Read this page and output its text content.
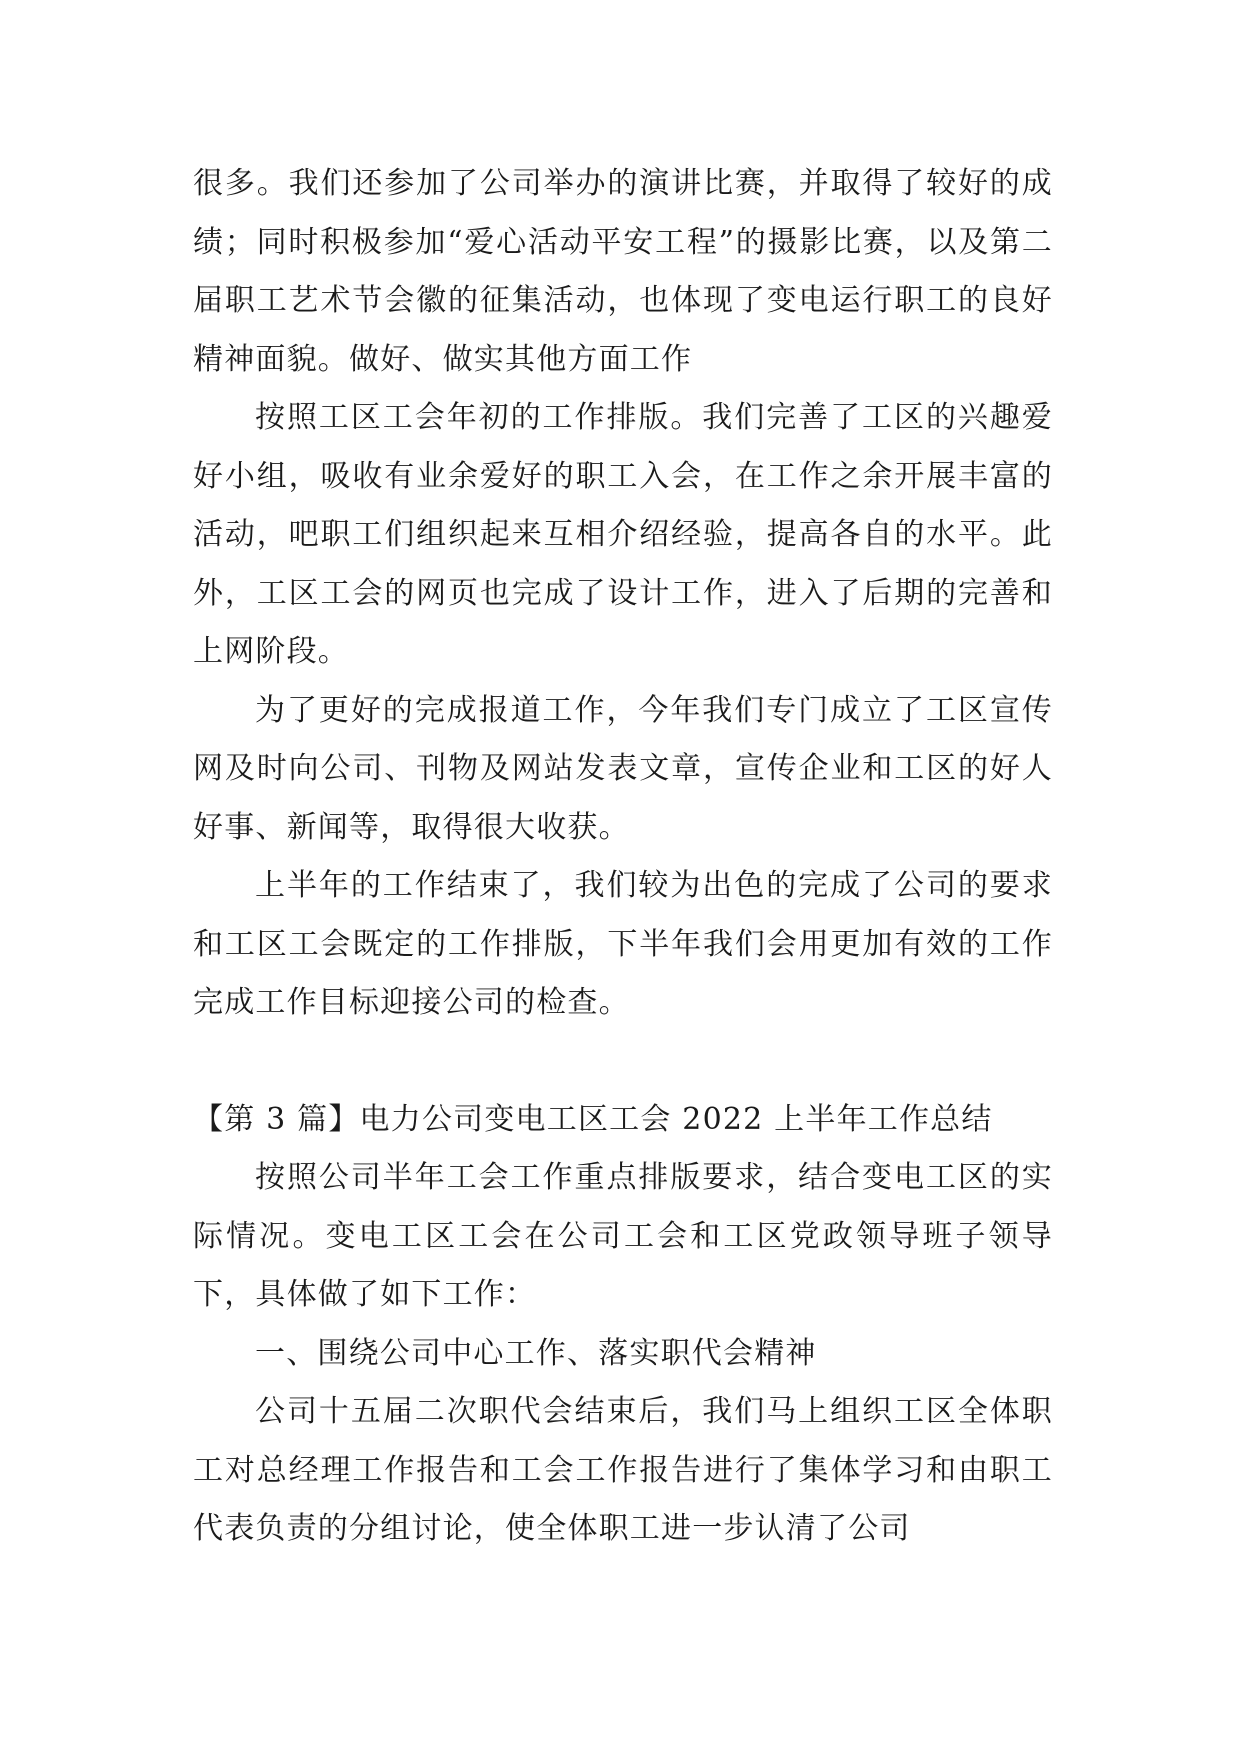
很多。我们还参加了公司举办的演讲比赛，并取得了较好的成绩；同时积极参加“爱心活动平安工程”的摄影比赛，以及第二届职工艺术节会徽的征集活动，也体现了变电运行职工的良好精神面貌。做好、做实其他方面工作

按照工区工会年初的工作排版。我们完善了工区的兴趣爱好小组，吸收有业余爱好的职工入会，在工作之余开展丰富的活动，吧职工们组织起来互相介绍经验，提高各自的水平。此外，工区工会的网页也完成了设计工作，进入了后期的完善和上网阶段。

为了更好的完成报道工作，今年我们专门成立了工区宣传网及时向公司、刊物及网站发表文章，宣传企业和工区的好人好事、新闻等，取得很大收获。

上半年的工作结束了，我们较为出色的完成了公司的要求和工区工会既定的工作排版，下半年我们会用更加有效的工作完成工作目标迎接公司的检查。

【第 3 篇】电力公司变电工区工会 2022 上半年工作总结

按照公司半年工会工作重点排版要求，结合变电工区的实际情况。变电工区工会在公司工会和工区党政领导班子领导下，具体做了如下工作：

一、围绕公司中心工作、落实职代会精神

公司十五届二次职代会结束后，我们马上组织工区全体职工对总经理工作报告和工会工作报告进行了集体学习和由职工代表负责的分组讨论，使全体职工进一步认清了公司
